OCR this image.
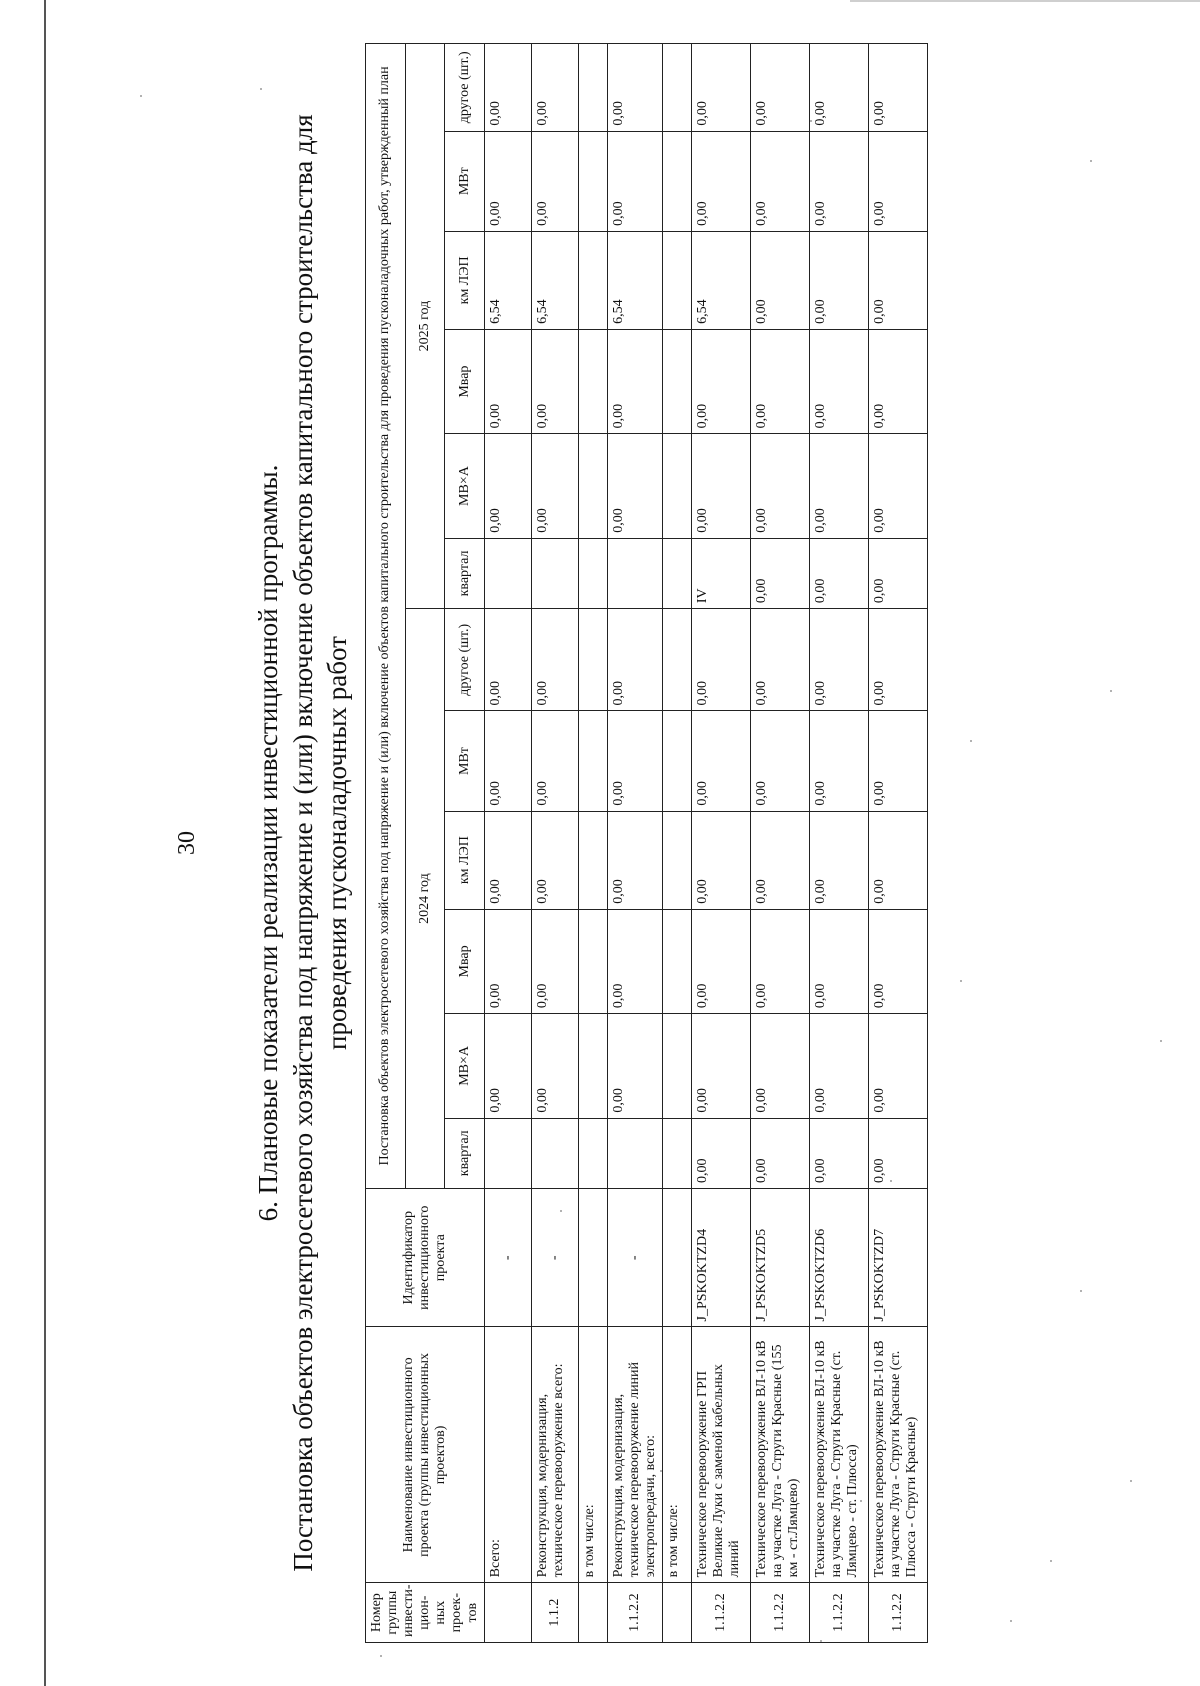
30 6. Плановые показатели реализации инвестиционной программы. Постановка объектов электросетевого хозяйства под напряжение и (или) включение объектов капитального строительства для проведения пусконаладочных работ
Номер группы инвести-цион-ных проек-тов	Наименование инвестиционного проекта (группы инвестиционных проектов)	Идентификатор инвестиционного проекта	Постановка объектов электросетевого хозяйства под напряжение и (или) включение объектов капитального строительства для проведения пусконаладочных работ, утвержденный план											
			2024 год						2025 год					
			квартал	МВ×А	Мвар	км ЛЭП	МВт	другое (шт.)	квартал	МВ×А	Мвар	км ЛЭП	МВт	другое (шт.)
	Всего:	-		0,00	0,00	0,00	0,00	0,00		0,00	0,00	6,54	0,00	0,00
1.1.2	Реконструкция, модернизация, техническое перевооружение всего:	-		0,00	0,00	0,00	0,00	0,00		0,00	0,00	6,54	0,00	0,00
	в том числе:													
1.1.2.2	Реконструкция, модернизация, техническое перевооружение линий электропередачи, всего:	-		0,00	0,00	0,00	0,00	0,00		0,00	0,00	6,54	0,00	0,00
	в том числе:													
1.1.2.2	Техническое перевооружение ГРП Великие Луки с заменой кабельных линий	J_PSKOKTZD4	0,00	0,00	0,00	0,00	0,00	0,00	IV	0,00	0,00	6,54	0,00	0,00
1.1.2.2	Техническое перевооружение ВЛ-10 кВ на участке Луга - Струги Красные (155 км - ст.Лямцево)	J_PSKOKTZD5	0,00	0,00	0,00	0,00	0,00	0,00	0,00	0,00	0,00	0,00	0,00	0,00
1.1.2.2	Техническое перевооружение ВЛ-10 кВ на участке Луга - Струги Красные (ст. Лямцево - ст. Плюсса)	J_PSKOKTZD6	0,00	0,00	0,00	0,00	0,00	0,00	0,00	0,00	0,00	0,00	0,00	0,00
1.1.2.2	Техническое перевооружение ВЛ-10 кВ на участке Луга - Струги Красные (ст. Плюсса - Струги Красные)	J_PSKOKTZD7	0,00	0,00	0,00	0,00	0,00	0,00	0,00	0,00	0,00	0,00	0,00	0,00
